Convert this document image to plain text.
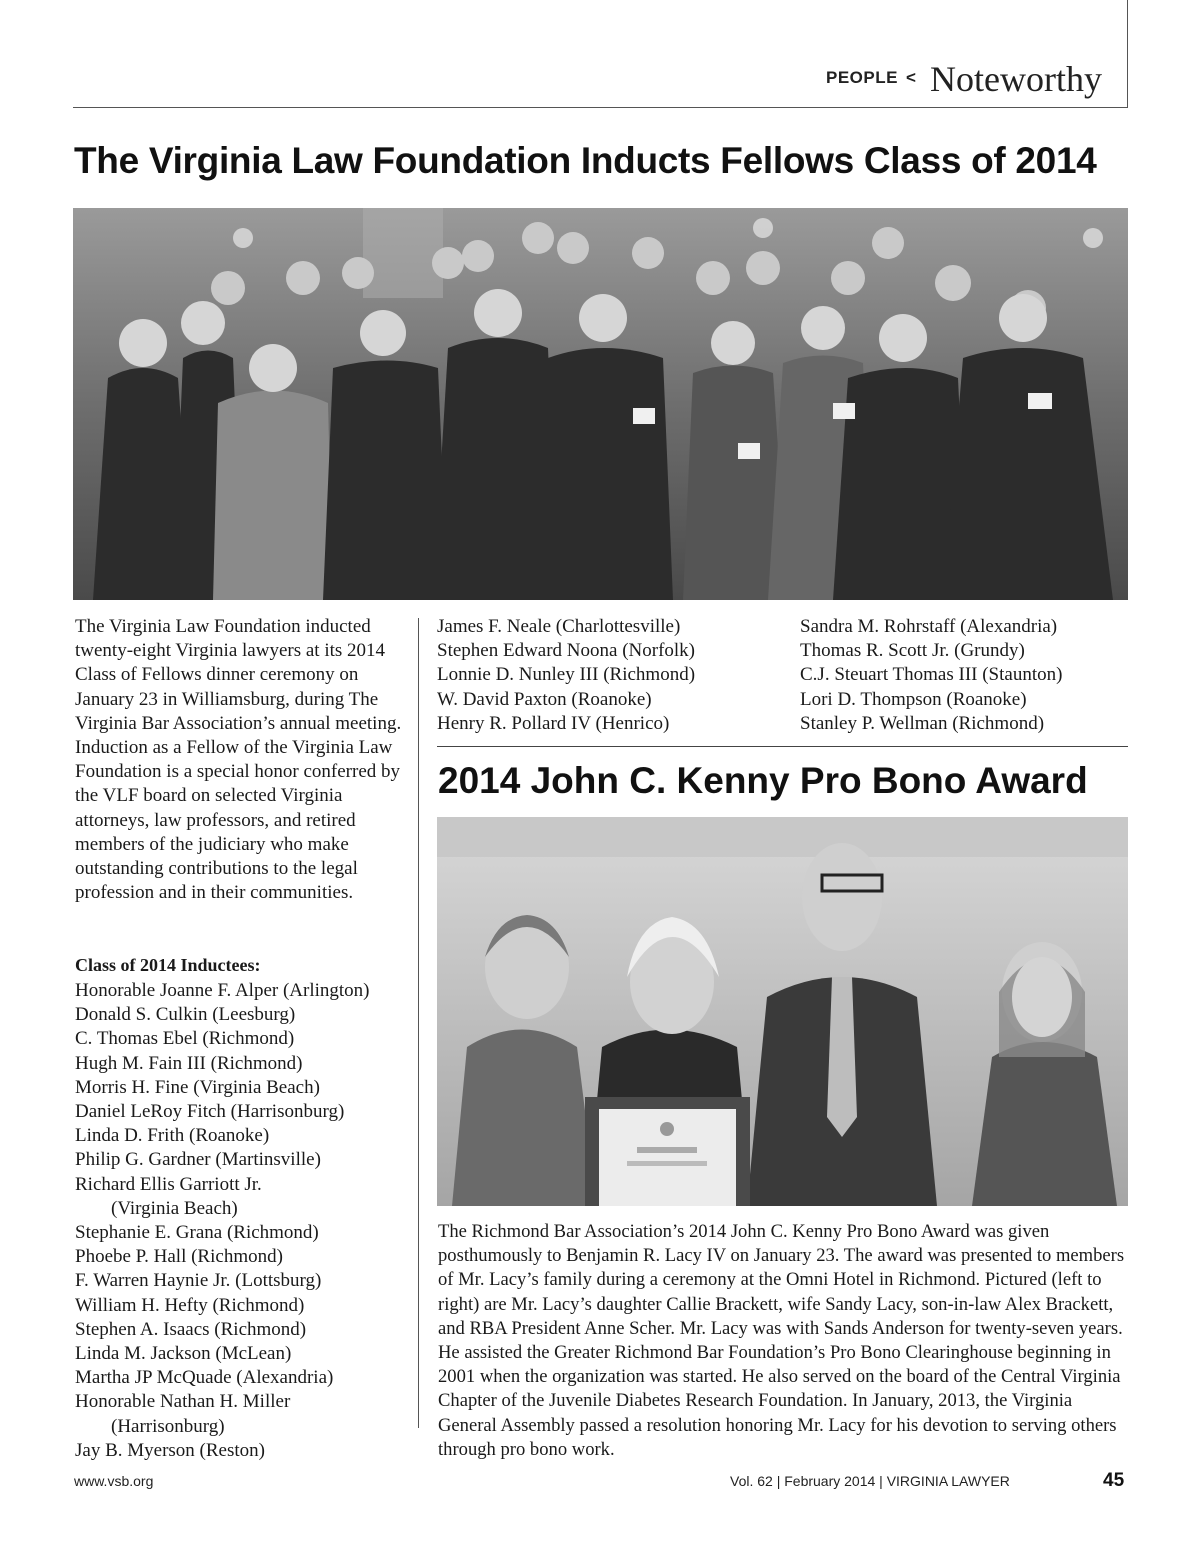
PEOPLE < Noteworthy
The Virginia Law Foundation Inducts Fellows Class of 2014
The Virginia Law Foundation inducted twenty-eight Virginia lawyers at its 2014 Class of Fellows dinner ceremony on January 23 in Williamsburg, during The Virginia Bar Association’s annual meeting. Induction as a Fellow of the Virginia Law Foundation is a special honor conferred by the VLF board on selected Virginia attorneys, law professors, and retired members of the judiciary who make outstanding contributions to the legal profession and in their communities.
Class of 2014 Inductees:
Honorable Joanne F. Alper (Arlington)
Donald S. Culkin (Leesburg)
C. Thomas Ebel (Richmond)
Hugh M. Fain III (Richmond)
Morris H. Fine (Virginia Beach)
Daniel LeRoy Fitch (Harrisonburg)
Linda D. Frith (Roanoke)
Philip G. Gardner (Martinsville)
Richard Ellis Garriott Jr.
(Virginia Beach)
Stephanie E. Grana (Richmond)
Phoebe P. Hall (Richmond)
F. Warren Haynie Jr. (Lottsburg)
William H. Hefty (Richmond)
Stephen A. Isaacs (Richmond)
Linda M. Jackson (McLean)
Martha JP McQuade (Alexandria)
Honorable Nathan H. Miller
(Harrisonburg)
Jay B. Myerson (Reston)
James F. Neale (Charlottesville)
Stephen Edward Noona (Norfolk)
Lonnie D. Nunley III (Richmond)
W. David Paxton (Roanoke)
Henry R. Pollard IV (Henrico)
Sandra M. Rohrstaff (Alexandria)
Thomas R. Scott Jr. (Grundy)
C.J. Steuart Thomas III (Staunton)
Lori D. Thompson (Roanoke)
Stanley P. Wellman (Richmond)
2014 John C. Kenny Pro Bono Award
The Richmond Bar Association’s 2014 John C. Kenny Pro Bono Award was given posthumously to Benjamin R. Lacy IV on January 23. The award was presented to members of Mr. Lacy’s family during a ceremony at the Omni Hotel in Richmond. Pictured (left to right) are Mr. Lacy’s daughter Callie Brackett, wife Sandy Lacy, son-in-law Alex Brackett, and RBA President Anne Scher. Mr. Lacy was with Sands Anderson for twenty-seven years. He assisted the Greater Richmond Bar Foundation’s Pro Bono Clearinghouse beginning in 2001 when the organization was started. He also served on the board of the Central Virginia Chapter of the Juvenile Diabetes Research Foundation. In January, 2013, the Virginia General Assembly passed a resolution honoring Mr. Lacy for his devotion to serving others through pro bono work.
www.vsb.org	Vol. 62 | February 2014 | VIRGINIA LAWYER	45
